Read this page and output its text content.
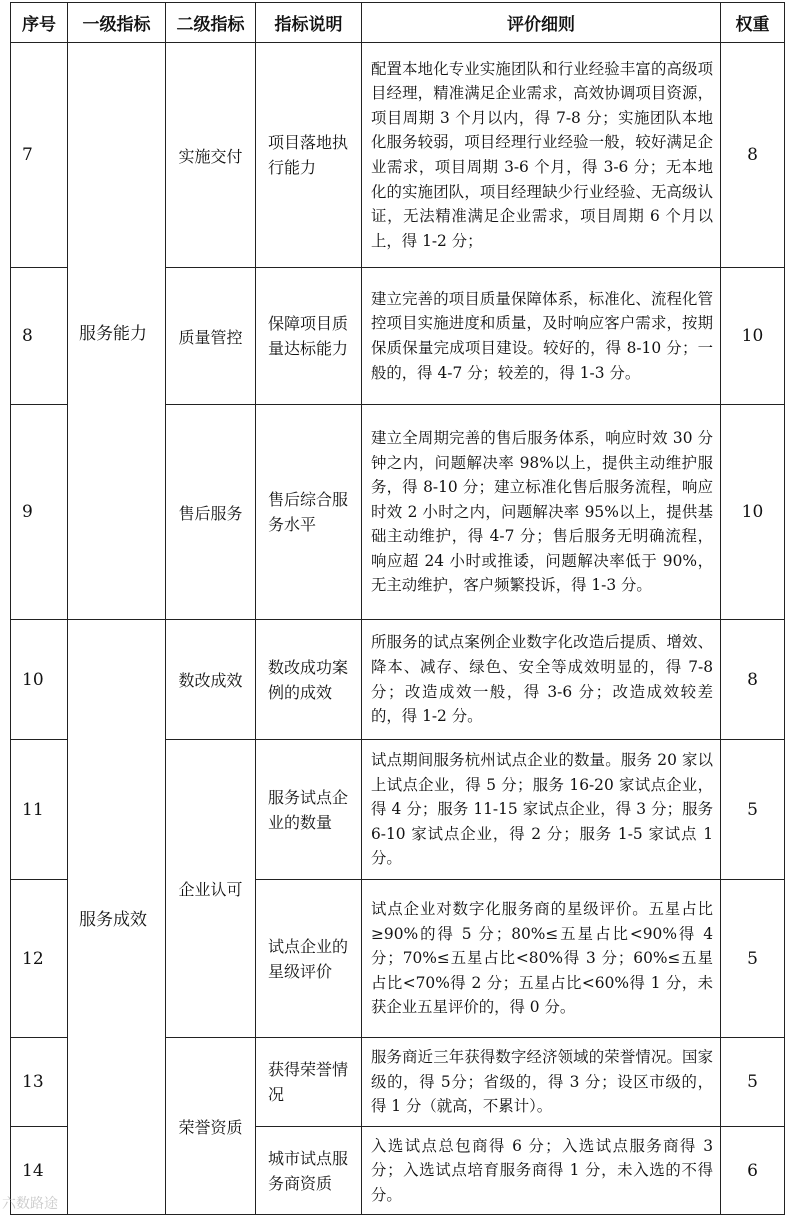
序号	一级指标	二级指标	指标说明	评价细则	权重
7	服务能力	实施交付	项目落地执行能力	配置本地化专业实施团队和行业经验丰富的高级项目经理，精准满足企业需求，高效协调项目资源，项目周期 3 个月以内，得 7-8 分；实施团队本地化服务较弱，项目经理行业经验一般，较好满足企业需求，项目周期 3-6 个月，得 3-6 分；无本地化的实施团队，项目经理缺少行业经验、无高级认证，无法精准满足企业需求，项目周期 6 个月以上，得 1-2 分；	8
8		质量管控	保障项目质量达标能力	建立完善的项目质量保障体系，标准化、流程化管控项目实施进度和质量，及时响应客户需求，按期保质保量完成项目建设。较好的，得 8-10 分；一般的，得 4-7 分；较差的，得 1-3 分。	10
9		售后服务	售后综合服务水平	建立全周期完善的售后服务体系，响应时效 30 分钟之内，问题解决率 98%以上，提供主动维护服务，得 8-10 分；建立标准化售后服务流程，响应时效 2 小时之内，问题解决率 95%以上，提供基础主动维护，得 4-7 分；售后服务无明确流程，响应超 24 小时或推诿，问题解决率低于 90%，无主动维护，客户频繁投诉，得 1-3 分。	10
10	服务成效	数改成效	数改成功案例的成效	所服务的试点案例企业数字化改造后提质、增效、降本、减存、绿色、安全等成效明显的，得 7-8 分；改造成效一般，得 3-6 分；改造成效较差的，得 1-2 分。	8
11		企业认可	服务试点企业的数量	试点期间服务杭州试点企业的数量。服务 20 家以上试点企业，得 5 分；服务 16-20 家试点企业，得 4 分；服务 11-15 家试点企业，得 3 分；服务 6-10 家试点企业，得 2 分；服务 1-5 家试点 1 分。	5
12			试点企业的星级评价	试点企业对数字化服务商的星级评价。五星占比≥90%的得 5 分；80%≤五星占比<90%得 4 分；70%≤五星占比<80%得 3 分；60%≤五星占比<70%得 2 分；五星占比<60%得 1 分，未获企业五星评价的，得 0 分。	5
13		荣誉资质	获得荣誉情况	服务商近三年获得数字经济领域的荣誉情况。国家级的，得 5分；省级的，得 3 分；设区市级的，得 1 分（就高，不累计）。	5
14			城市试点服务商资质	入选试点总包商得 6 分；入选试点服务商得 3 分；入选试点培育服务商得 1 分，未入选的不得分。	6
六数路途
